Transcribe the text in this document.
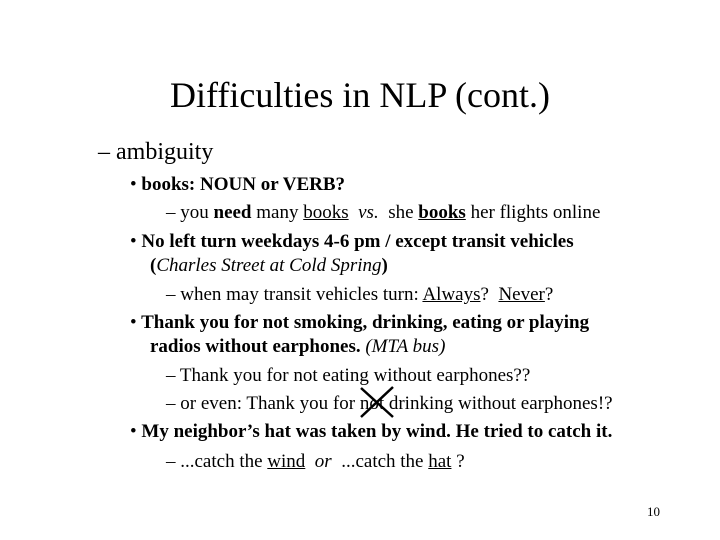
Difficulties in NLP (cont.)
– ambiguity
• books: NOUN or VERB?
– you need many books vs.  she books her flights online
• No left turn weekdays 4-6 pm / except transit vehicles
(Charles Street at Cold Spring)
– when may transit vehicles turn: Always?  Never?
• Thank you for not smoking, drinking, eating or playing
radios without earphones. (MTA bus)
– Thank you for not eating without earphones??
– or even: Thank you for not
drinking without earphones!?
• My neighbor’s hat was taken by wind. He tried to catch it.
– ...catch the wind  or  ...catch the hat ?
10
